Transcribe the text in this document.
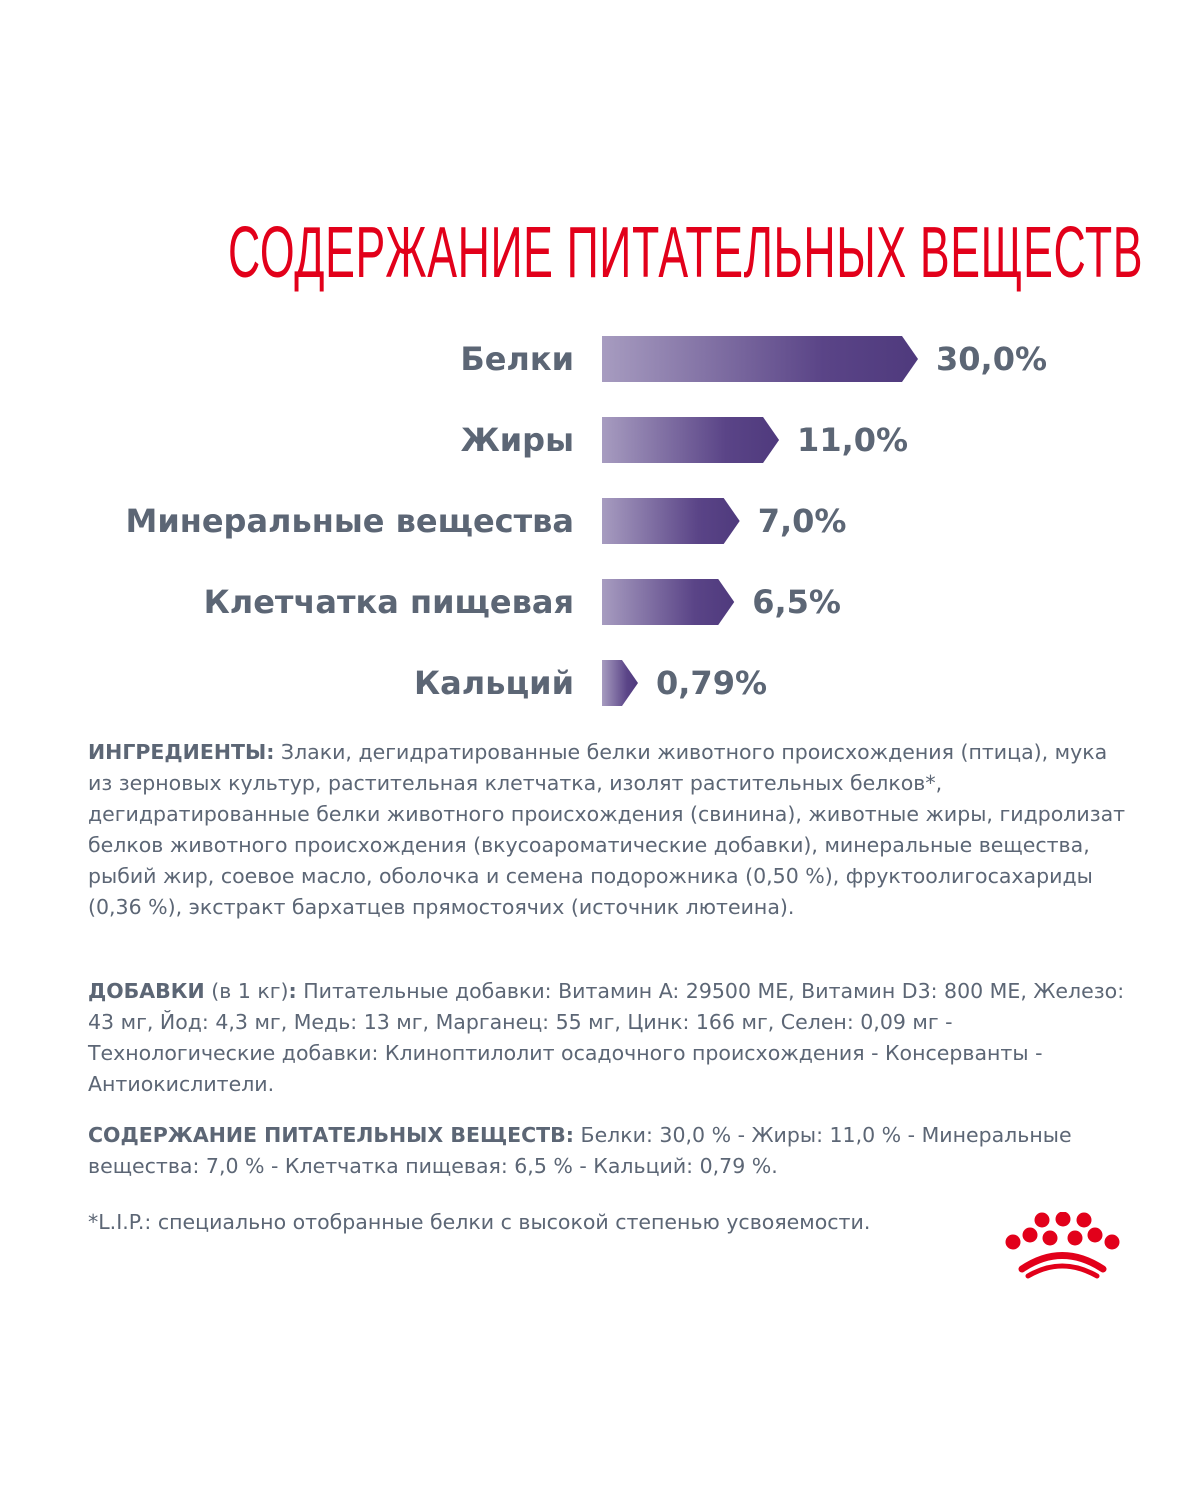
СОДЕРЖАНИЕ ПИТАТЕЛЬНЫХ ВЕЩЕСТВ
Белки	30,0%
Жиры	11,0%
Минеральные вещества	7,0%
Клетчатка пищевая	6,5%
Кальций	0,79%
ИНГРЕДИЕНТЫ: Злаки, дегидратированные белки животного происхождения (птица), мука из зерновых культур, растительная клетчатка, изолят растительных белков*, дегидратированные белки животного происхождения (свинина), животные жиры, гидролизат белков животного происхождения (вкусоароматические добавки), минеральные вещества, рыбий жир, соевое масло, оболочка и семена подорожника (0,50 %), фруктоолигосахариды (0,36 %), экстракт бархатцев прямостоячих (источник лютеина).
ДОБАВКИ (в 1 кг): Питательные добавки: Витамин A: 29500 МЕ, Витамин D3: 800 МЕ, Железо: 43 мг, Йод: 4,3 мг, Медь: 13 мг, Марганец: 55 мг, Цинк: 166 мг, Селен: 0,09 мг - Технологические добавки: Клиноптилолит осадочного происхождения - Консерванты - Антиокислители.
СОДЕРЖАНИЕ ПИТАТЕЛЬНЫХ ВЕЩЕСТВ: Белки: 30,0 % - Жиры: 11,0 % - Минеральные вещества: 7,0 % - Клетчатка пищевая: 6,5 % - Кальций: 0,79 %.
*L.I.P.: специально отобранные белки с высокой степенью усвояемости.
